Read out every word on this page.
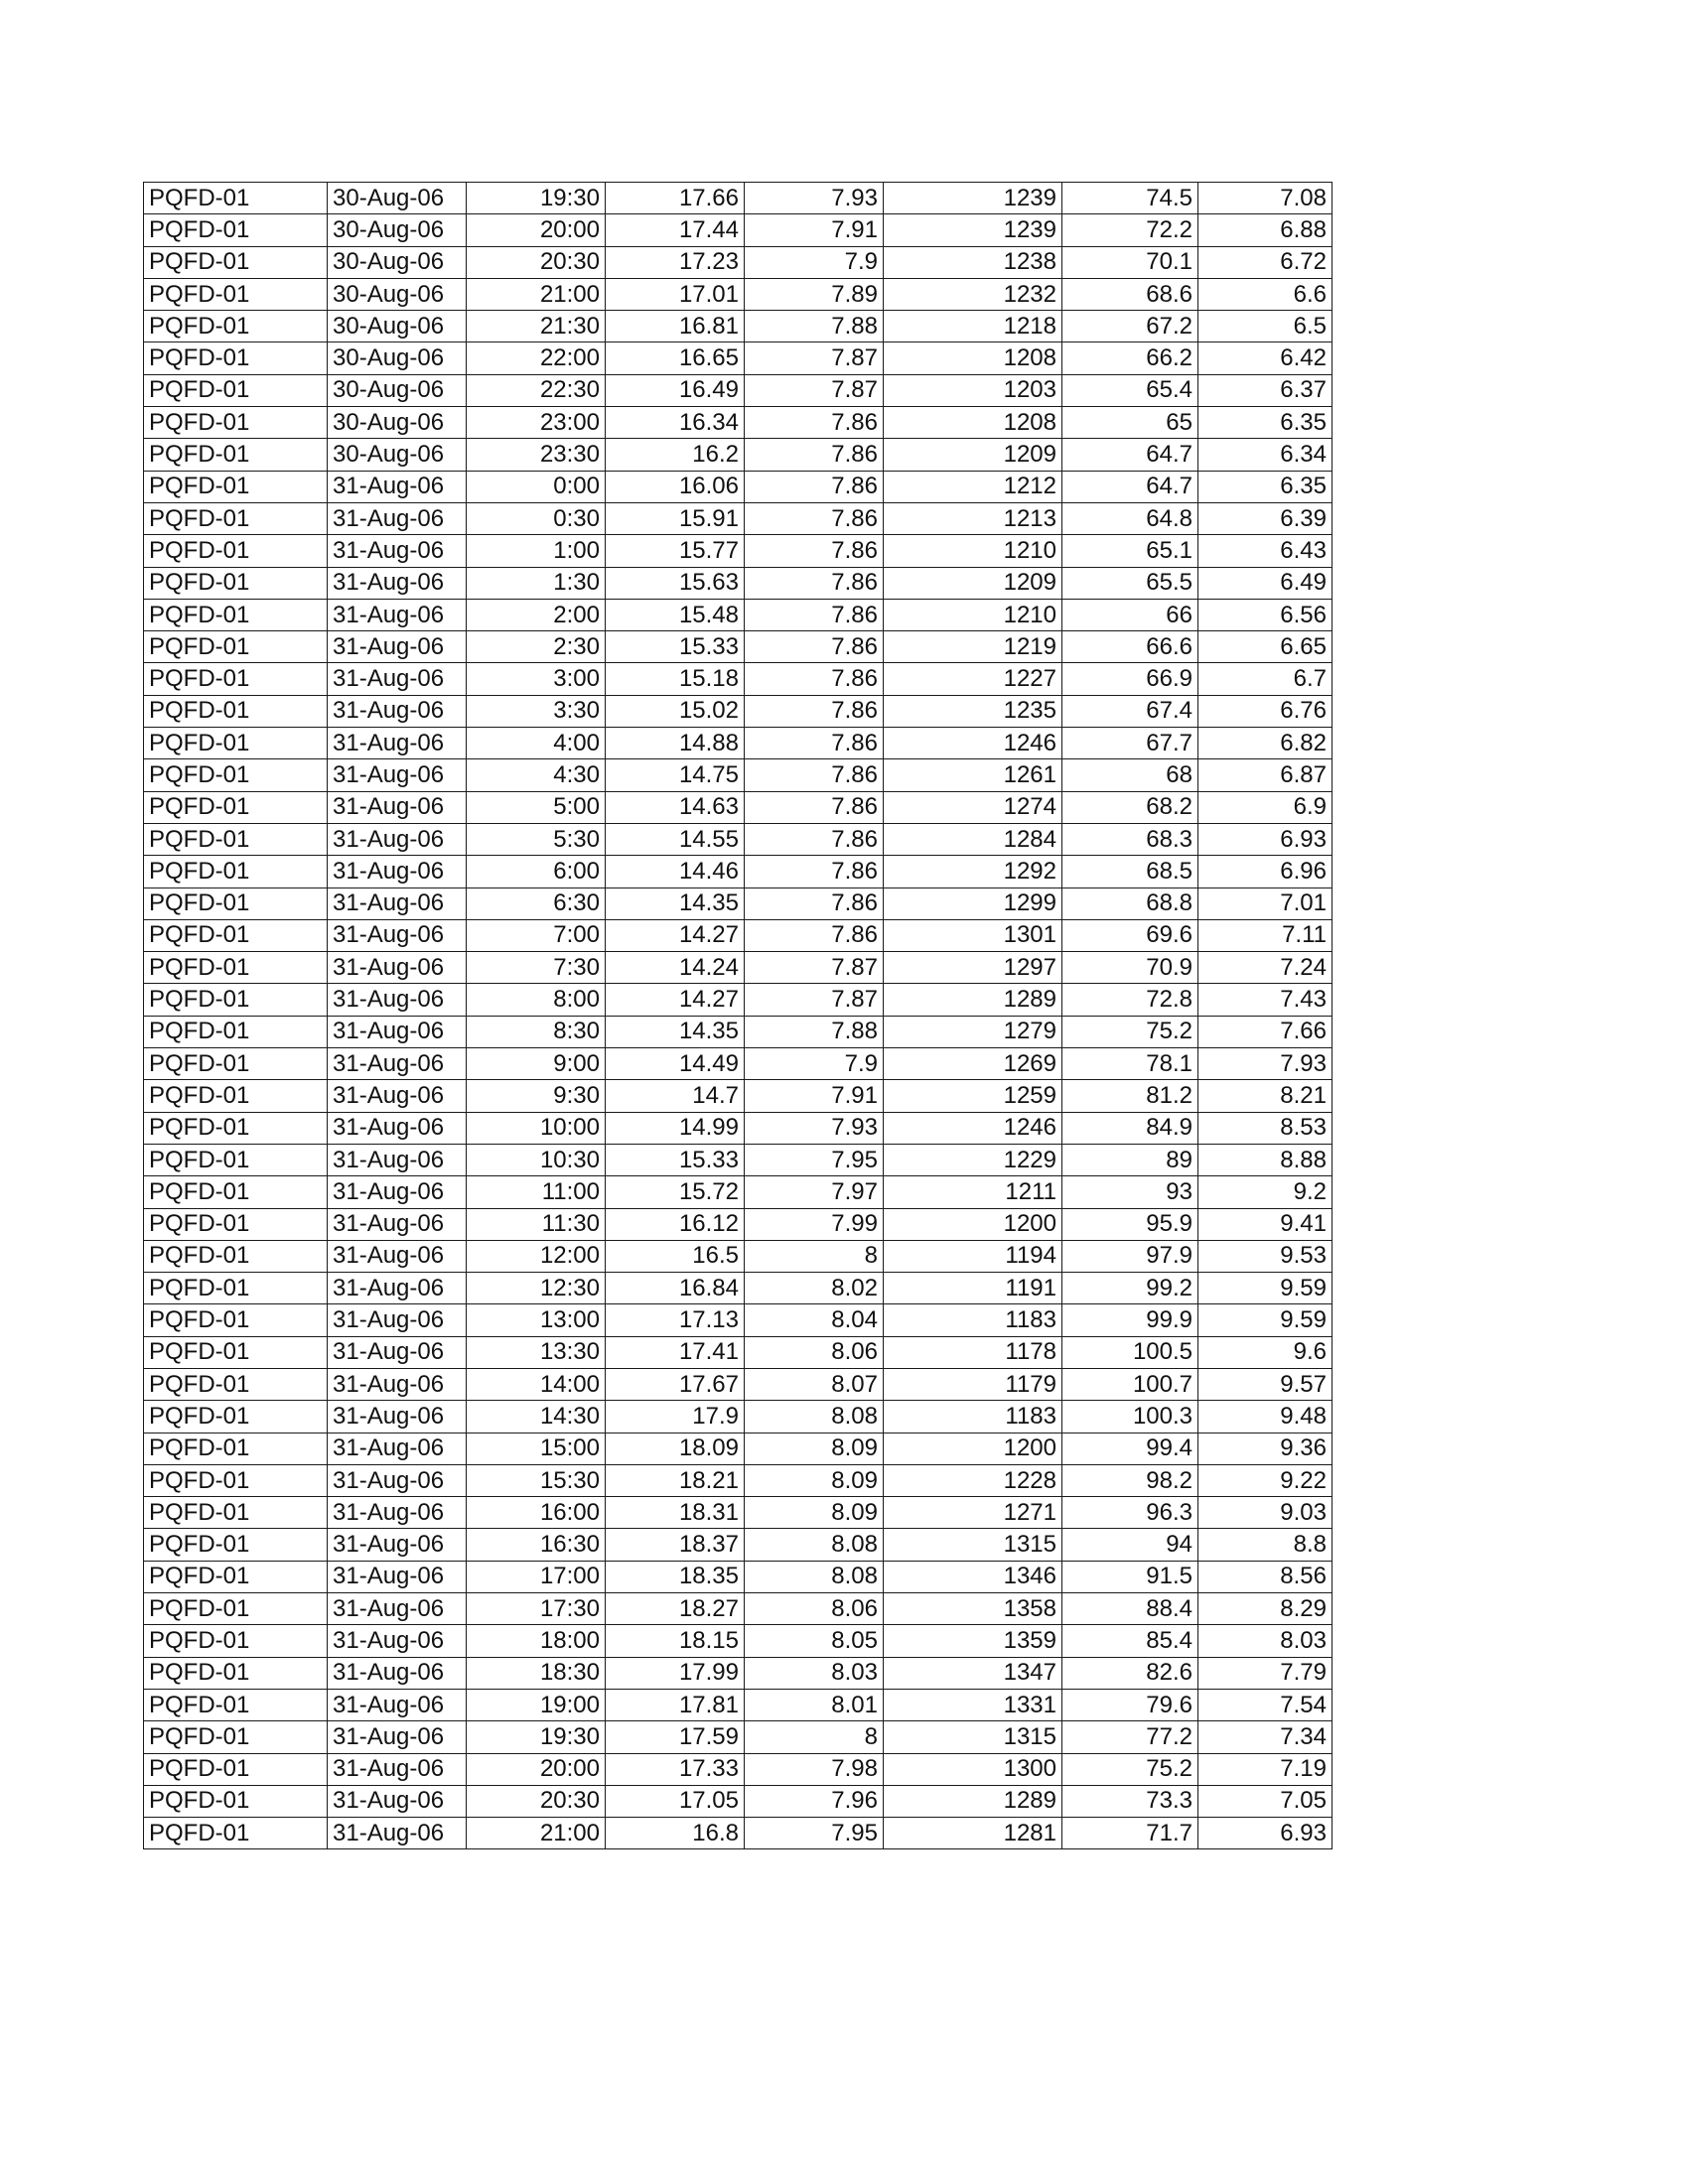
PQFD-01	30-Aug-06	19:30	17.66	7.93	1239	74.5	7.08
PQFD-01	30-Aug-06	20:00	17.44	7.91	1239	72.2	6.88
PQFD-01	30-Aug-06	20:30	17.23	7.9	1238	70.1	6.72
PQFD-01	30-Aug-06	21:00	17.01	7.89	1232	68.6	6.6
PQFD-01	30-Aug-06	21:30	16.81	7.88	1218	67.2	6.5
PQFD-01	30-Aug-06	22:00	16.65	7.87	1208	66.2	6.42
PQFD-01	30-Aug-06	22:30	16.49	7.87	1203	65.4	6.37
PQFD-01	30-Aug-06	23:00	16.34	7.86	1208	65	6.35
PQFD-01	30-Aug-06	23:30	16.2	7.86	1209	64.7	6.34
PQFD-01	31-Aug-06	0:00	16.06	7.86	1212	64.7	6.35
PQFD-01	31-Aug-06	0:30	15.91	7.86	1213	64.8	6.39
PQFD-01	31-Aug-06	1:00	15.77	7.86	1210	65.1	6.43
PQFD-01	31-Aug-06	1:30	15.63	7.86	1209	65.5	6.49
PQFD-01	31-Aug-06	2:00	15.48	7.86	1210	66	6.56
PQFD-01	31-Aug-06	2:30	15.33	7.86	1219	66.6	6.65
PQFD-01	31-Aug-06	3:00	15.18	7.86	1227	66.9	6.7
PQFD-01	31-Aug-06	3:30	15.02	7.86	1235	67.4	6.76
PQFD-01	31-Aug-06	4:00	14.88	7.86	1246	67.7	6.82
PQFD-01	31-Aug-06	4:30	14.75	7.86	1261	68	6.87
PQFD-01	31-Aug-06	5:00	14.63	7.86	1274	68.2	6.9
PQFD-01	31-Aug-06	5:30	14.55	7.86	1284	68.3	6.93
PQFD-01	31-Aug-06	6:00	14.46	7.86	1292	68.5	6.96
PQFD-01	31-Aug-06	6:30	14.35	7.86	1299	68.8	7.01
PQFD-01	31-Aug-06	7:00	14.27	7.86	1301	69.6	7.11
PQFD-01	31-Aug-06	7:30	14.24	7.87	1297	70.9	7.24
PQFD-01	31-Aug-06	8:00	14.27	7.87	1289	72.8	7.43
PQFD-01	31-Aug-06	8:30	14.35	7.88	1279	75.2	7.66
PQFD-01	31-Aug-06	9:00	14.49	7.9	1269	78.1	7.93
PQFD-01	31-Aug-06	9:30	14.7	7.91	1259	81.2	8.21
PQFD-01	31-Aug-06	10:00	14.99	7.93	1246	84.9	8.53
PQFD-01	31-Aug-06	10:30	15.33	7.95	1229	89	8.88
PQFD-01	31-Aug-06	11:00	15.72	7.97	1211	93	9.2
PQFD-01	31-Aug-06	11:30	16.12	7.99	1200	95.9	9.41
PQFD-01	31-Aug-06	12:00	16.5	8	1194	97.9	9.53
PQFD-01	31-Aug-06	12:30	16.84	8.02	1191	99.2	9.59
PQFD-01	31-Aug-06	13:00	17.13	8.04	1183	99.9	9.59
PQFD-01	31-Aug-06	13:30	17.41	8.06	1178	100.5	9.6
PQFD-01	31-Aug-06	14:00	17.67	8.07	1179	100.7	9.57
PQFD-01	31-Aug-06	14:30	17.9	8.08	1183	100.3	9.48
PQFD-01	31-Aug-06	15:00	18.09	8.09	1200	99.4	9.36
PQFD-01	31-Aug-06	15:30	18.21	8.09	1228	98.2	9.22
PQFD-01	31-Aug-06	16:00	18.31	8.09	1271	96.3	9.03
PQFD-01	31-Aug-06	16:30	18.37	8.08	1315	94	8.8
PQFD-01	31-Aug-06	17:00	18.35	8.08	1346	91.5	8.56
PQFD-01	31-Aug-06	17:30	18.27	8.06	1358	88.4	8.29
PQFD-01	31-Aug-06	18:00	18.15	8.05	1359	85.4	8.03
PQFD-01	31-Aug-06	18:30	17.99	8.03	1347	82.6	7.79
PQFD-01	31-Aug-06	19:00	17.81	8.01	1331	79.6	7.54
PQFD-01	31-Aug-06	19:30	17.59	8	1315	77.2	7.34
PQFD-01	31-Aug-06	20:00	17.33	7.98	1300	75.2	7.19
PQFD-01	31-Aug-06	20:30	17.05	7.96	1289	73.3	7.05
PQFD-01	31-Aug-06	21:00	16.8	7.95	1281	71.7	6.93
